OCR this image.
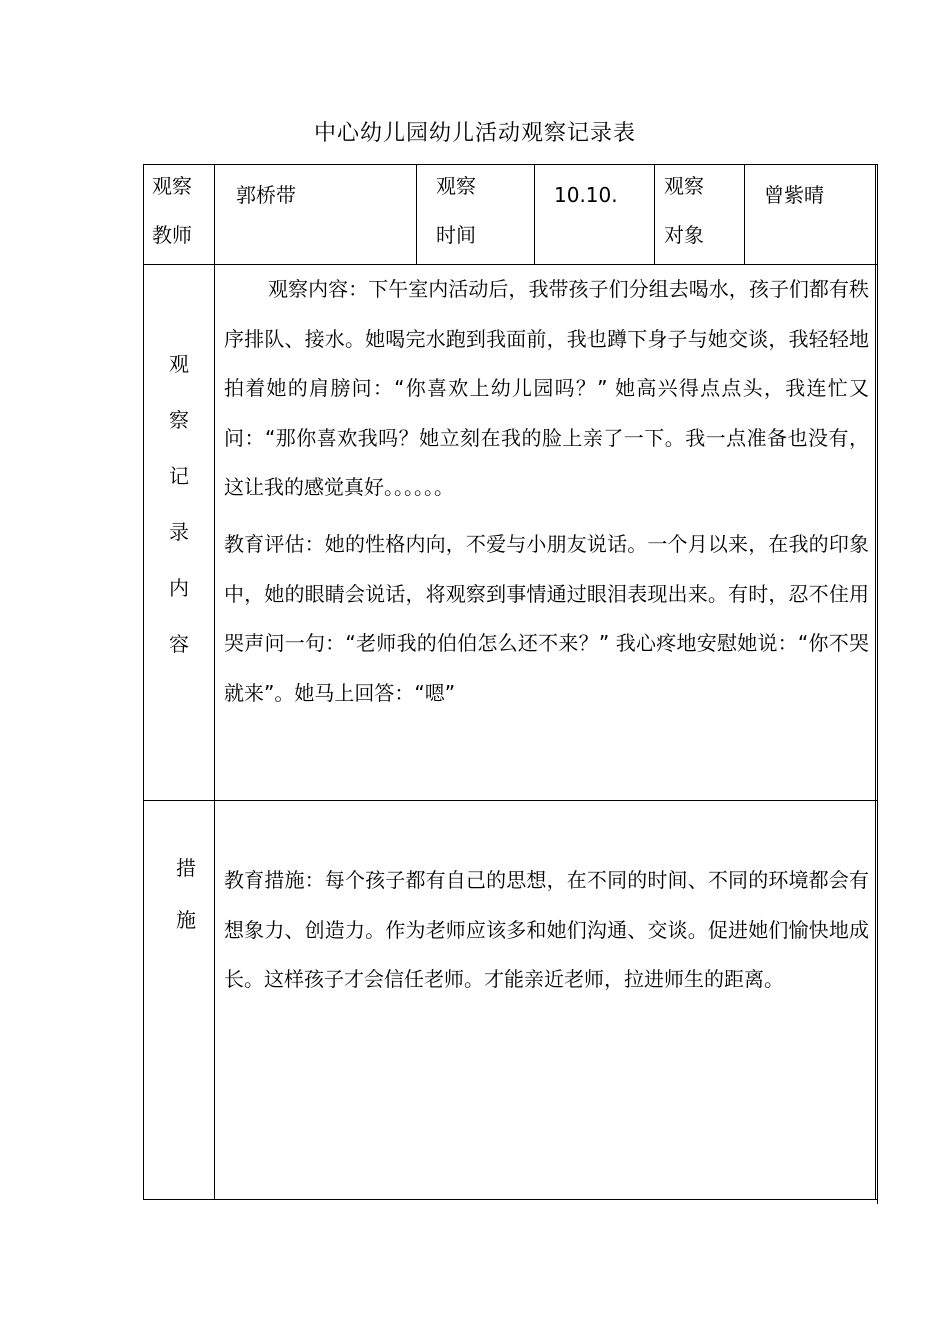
中心幼儿园幼儿活动观察记录表
观察
教师
郭桥带	观察
时间
10.10. 观察
对象
曾紫晴
观
察
记
录
内
容

观察内容：下午室内活动后，我带孩子们分组去喝水，孩子们都有秩序排队、接水。她喝完水跑到我面前，我也蹲下身子与她交谈，我轻轻地拍着她的肩膀问：“你喜欢上幼儿园吗？” 她高兴得点点头，我连忙又问：“那你喜欢我吗？她立刻在我的脸上亲了一下。我一点准备也没有，这让我的感觉真好。。。。。。

教育评估：她的性格内向，不爱与小朋友说话。一个月以来，在我的印象中，她的眼睛会说话，将观察到事情通过眼泪表现出来。有时，忍不住用哭声问一句：“老师我的伯伯怎么还不来？” 我心疼地安慰她说：“你不哭就来”。她马上回答：“嗯”

措
施

教育措施：每个孩子都有自己的思想，在不同的时间、不同的环境都会有想象力、创造力。作为老师应该多和她们沟通、交谈。促进她们愉快地成长。这样孩子才会信任老师。才能亲近老师，拉进师生的距离。
